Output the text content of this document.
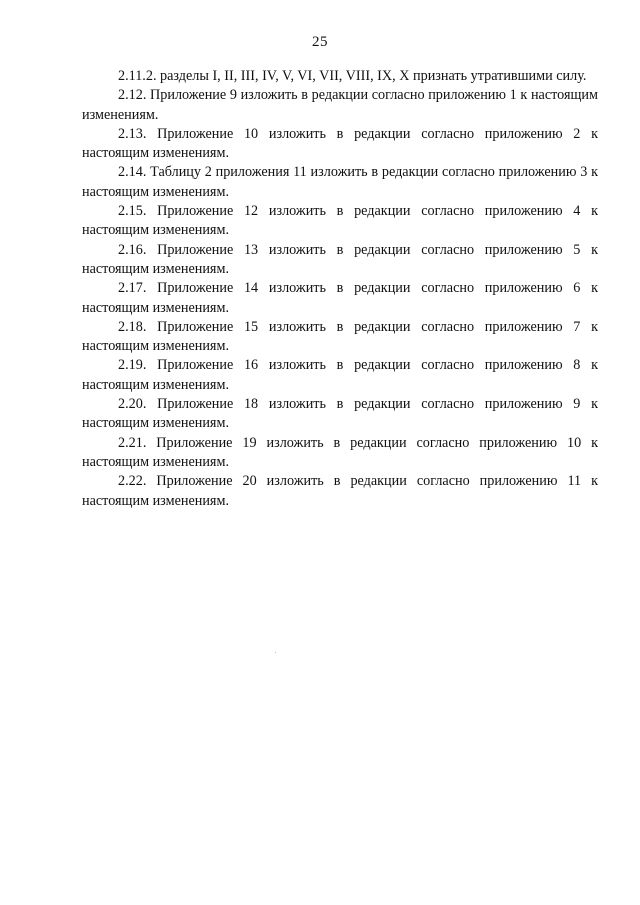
25

2.11.2. разделы I, II, III, IV, V, VI, VII, VIII, IX, X признать утратившими силу.

2.12. Приложение 9 изложить в редакции согласно приложению 1 к настоящим изменениям.

2.13. Приложение 10 изложить в редакции согласно приложению 2 к настоящим изменениям.

2.14. Таблицу 2 приложения 11 изложить в редакции согласно приложению 3 к настоящим изменениям.

2.15. Приложение 12 изложить в редакции согласно приложению 4 к настоящим изменениям.

2.16. Приложение 13 изложить в редакции согласно приложению 5 к настоящим изменениям.

2.17. Приложение 14 изложить в редакции согласно приложению 6 к настоящим изменениям.

2.18. Приложение 15 изложить в редакции согласно приложению 7 к настоящим изменениям.

2.19. Приложение 16 изложить в редакции согласно приложению 8 к настоящим изменениям.

2.20. Приложение 18 изложить в редакции согласно приложению 9 к настоящим изменениям.

2.21. Приложение 19 изложить в редакции согласно приложению 10 к настоящим изменениям.

2.22. Приложение 20 изложить в редакции согласно приложению 11 к настоящим изменениям.
